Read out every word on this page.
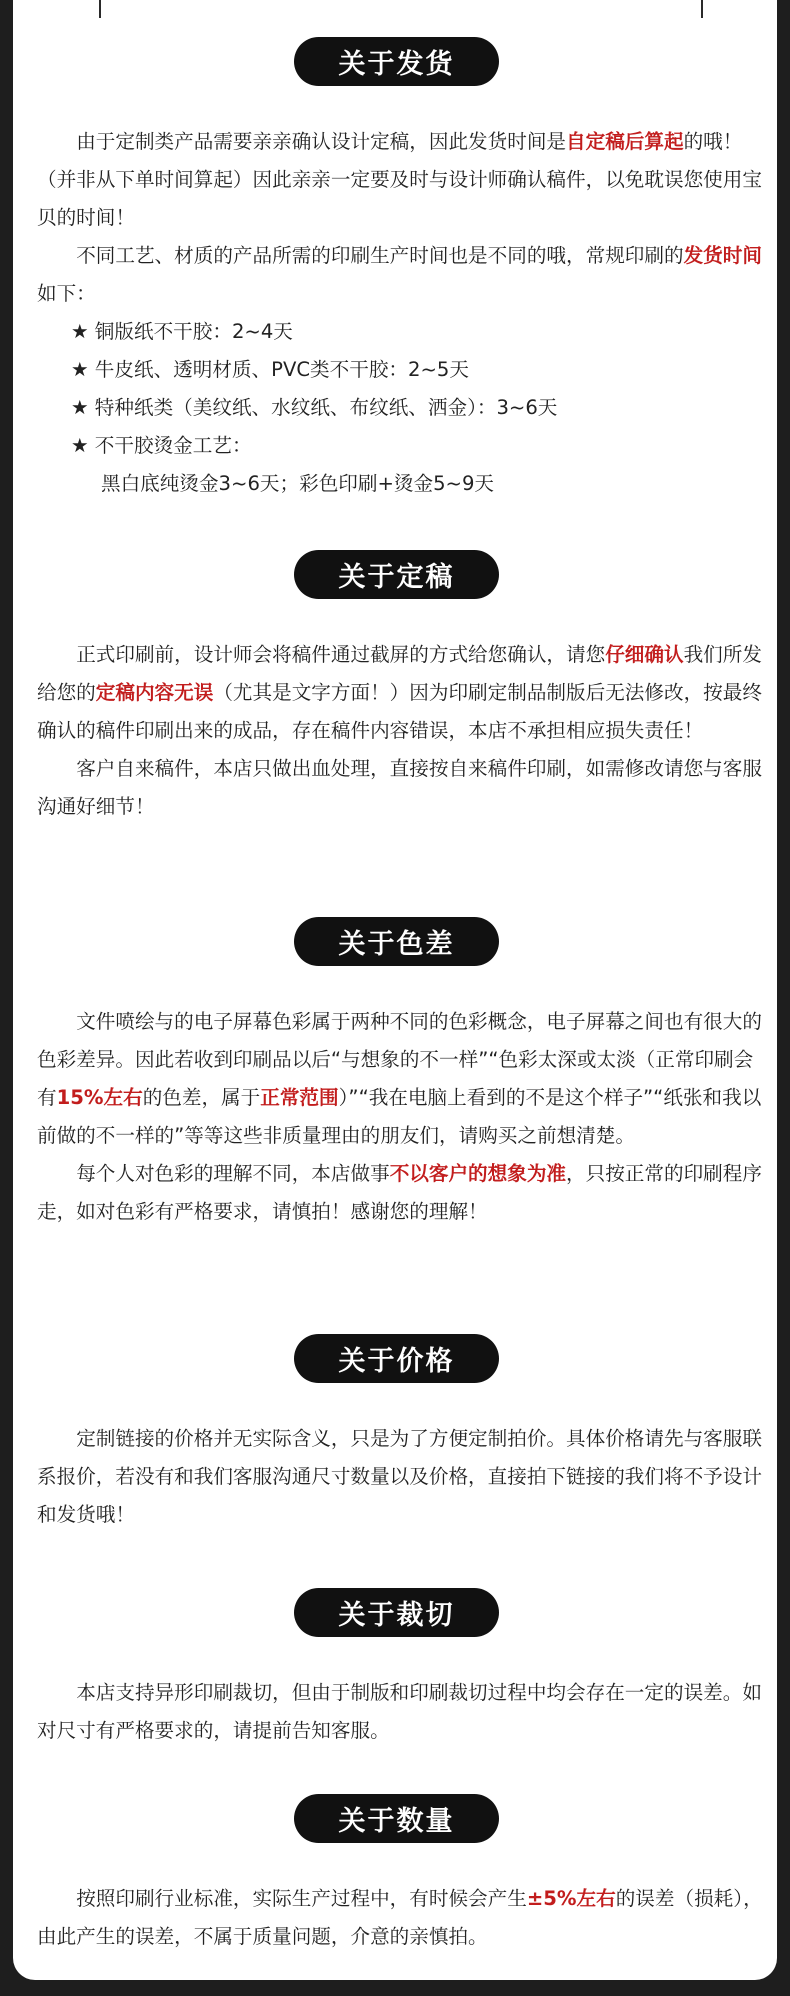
关于发货

由于定制类产品需要亲亲确认设计定稿，因此发货时间是自定稿后算起的哦！（并非从下单时间算起）因此亲亲一定要及时与设计师确认稿件，以免耽误您使用宝贝的时间！

不同工艺、材质的产品所需的印刷生产时间也是不同的哦，常规印刷的发货时间如下：

★ 铜版纸不干胶：2~4天

★ 牛皮纸、透明材质、PVC类不干胶：2~5天

★ 特种纸类（美纹纸、水纹纸、布纹纸、洒金）：3~6天

★ 不干胶烫金工艺：

黑白底纯烫金3~6天；彩色印刷+烫金5~9天

关于定稿

正式印刷前，设计师会将稿件通过截屏的方式给您确认，请您仔细确认我们所发给您的定稿内容无误（尤其是文字方面！）因为印刷定制品制版后无法修改，按最终确认的稿件印刷出来的成品，存在稿件内容错误，本店不承担相应损失责任！

客户自来稿件，本店只做出血处理，直接按自来稿件印刷，如需修改请您与客服沟通好细节！

关于色差

文件喷绘与的电子屏幕色彩属于两种不同的色彩概念，电子屏幕之间也有很大的色彩差异。因此若收到印刷品以后“与想象的不一样”“色彩太深或太淡（正常印刷会有15%左右的色差，属于正常范围）”“我在电脑上看到的不是这个样子”“纸张和我以前做的不一样的”等等这些非质量理由的朋友们，请购买之前想清楚。

每个人对色彩的理解不同，本店做事不以客户的想象为准，只按正常的印刷程序走，如对色彩有严格要求，请慎拍！感谢您的理解！

关于价格

定制链接的价格并无实际含义，只是为了方便定制拍价。具体价格请先与客服联系报价，若没有和我们客服沟通尺寸数量以及价格，直接拍下链接的我们将不予设计和发货哦！

关于裁切

本店支持异形印刷裁切，但由于制版和印刷裁切过程中均会存在一定的误差。如对尺寸有严格要求的，请提前告知客服。

关于数量

按照印刷行业标准，实际生产过程中，有时候会产生±5%左右的误差（损耗），由此产生的误差，不属于质量问题，介意的亲慎拍。
